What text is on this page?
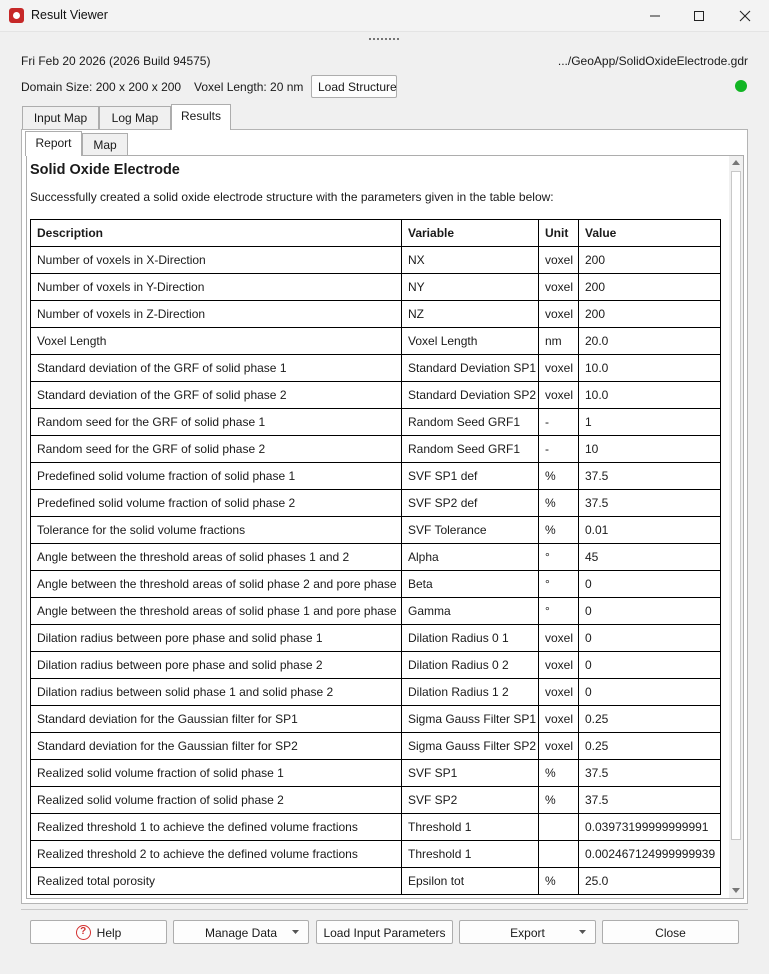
Result Viewer
Fri Feb 20 2026 (2026 Build 94575)	.../GeoApp/SolidOxideElectrode.gdr
Domain Size: 200 x 200 x 200 Voxel Length: 20 nm	Load Structure
Input Map	Log Map	Results
Report	Map
Solid Oxide Electrode
Successfully created a solid oxide electrode structure with the parameters given in the table below:
Description	Variable	Unit	Value
Number of voxels in X-Direction	NX	voxel	200
Number of voxels in Y-Direction	NY	voxel	200
Number of voxels in Z-Direction	NZ	voxel	200
Voxel Length	Voxel Length	nm	20.0
Standard deviation of the GRF of solid phase 1	Standard Deviation SP1	voxel	10.0
Standard deviation of the GRF of solid phase 2	Standard Deviation SP2	voxel	10.0
Random seed for the GRF of solid phase 1	Random Seed GRF1	-	1
Random seed for the GRF of solid phase 2	Random Seed GRF1	-	10
Predefined solid volume fraction of solid phase 1	SVF SP1 def	%	37.5
Predefined solid volume fraction of solid phase 2	SVF SP2 def	%	37.5
Tolerance for the solid volume fractions	SVF Tolerance	%	0.01
Angle between the threshold areas of solid phases 1 and 2	Alpha	°	45
Angle between the threshold areas of solid phase 2 and pore phase	Beta	°	0
Angle between the threshold areas of solid phase 1 and pore phase	Gamma	°	0
Dilation radius between pore phase and solid phase 1	Dilation Radius 0 1	voxel	0
Dilation radius between pore phase and solid phase 2	Dilation Radius 0 2	voxel	0
Dilation radius between solid phase 1 and solid phase 2	Dilation Radius 1 2	voxel	0
Standard deviation for the Gaussian filter for SP1	Sigma Gauss Filter SP1	voxel	0.25
Standard deviation for the Gaussian filter for SP2	Sigma Gauss Filter SP2	voxel	0.25
Realized solid volume fraction of solid phase 1	SVF SP1	%	37.5
Realized solid volume fraction of solid phase 2	SVF SP2	%	37.5
Realized threshold 1 to achieve the defined volume fractions	Threshold 1		0.03973199999999991
Realized threshold 2 to achieve the defined volume fractions	Threshold 1		0.002467124999999939
Realized total porosity	Epsilon tot	%	25.0
? Help	Manage Data	Load Input Parameters	Export	Close
